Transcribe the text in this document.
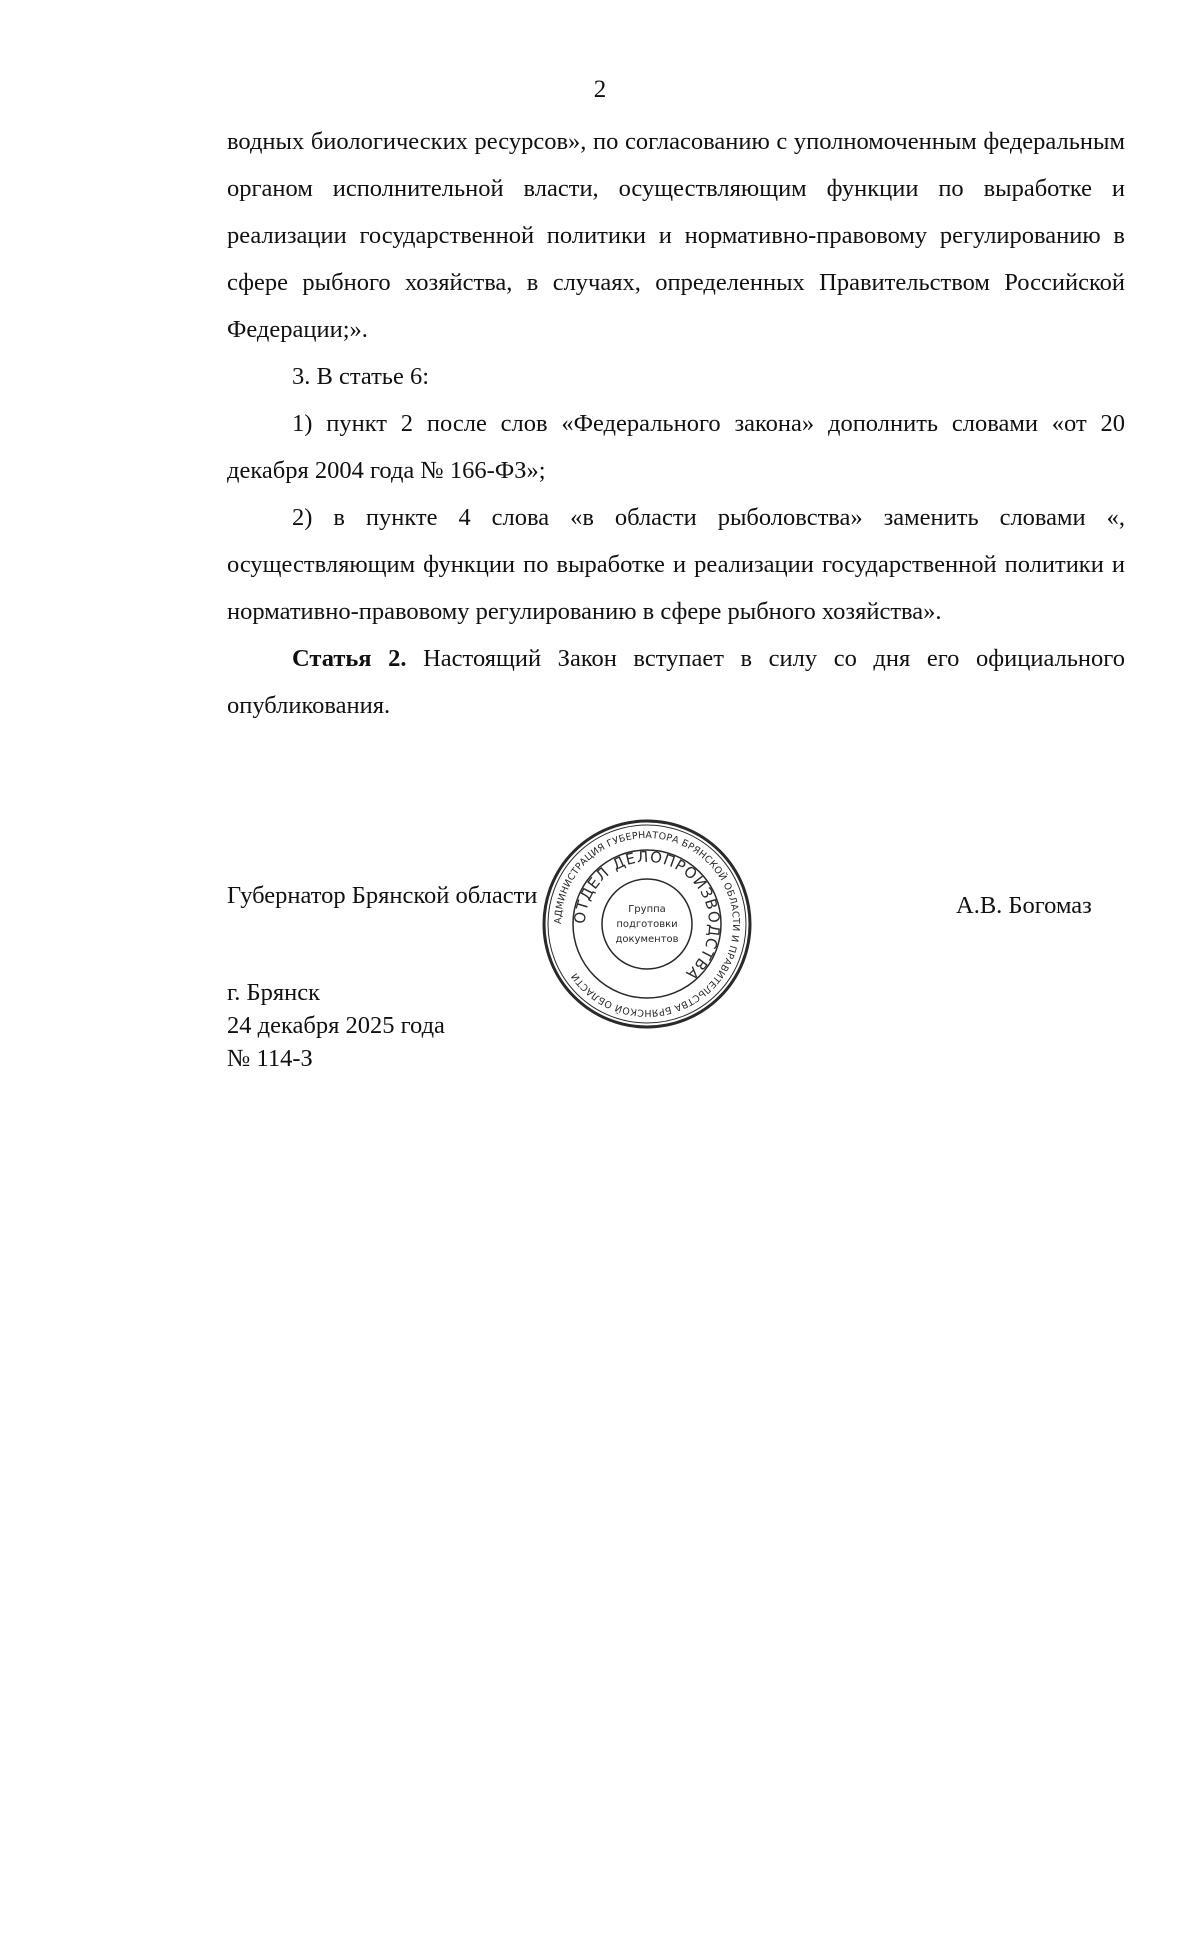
2

водных биологических ресурсов», по согласованию с уполномоченным федеральным органом исполнительной власти, осуществляющим функции по выработке и реализации государственной политики и нормативно-правовому регулированию в сфере рыбного хозяйства, в случаях, определенных Правительством Российской Федерации;».

3. В статье 6:

1) пункт 2 после слов «Федерального закона» дополнить словами «от 20 декабря 2004 года № 166-ФЗ»;

2) в пункте 4 слова «в области рыболовства» заменить словами «, осуществляющим функции по выработке и реализации государственной политики и нормативно-правовому регулированию в сфере рыбного хозяйства».

Статья 2. Настоящий Закон вступает в силу со дня его официального опубликования.

Губернатор Брянской области	А.В. Богомаз
г. Брянск
24 декабря 2025 года
№ 114-З
АДМИНИСТРАЦИЯ ГУБЕРНАТОРА БРЯНСКОЙ ОБЛАСТИ И ПРАВИТЕЛЬСТВА БРЯНСКОЙ ОБЛАСТИ
ОТДЕЛ ДЕЛОПРОИЗВОДСТВА
Группа
подготовки
документов
